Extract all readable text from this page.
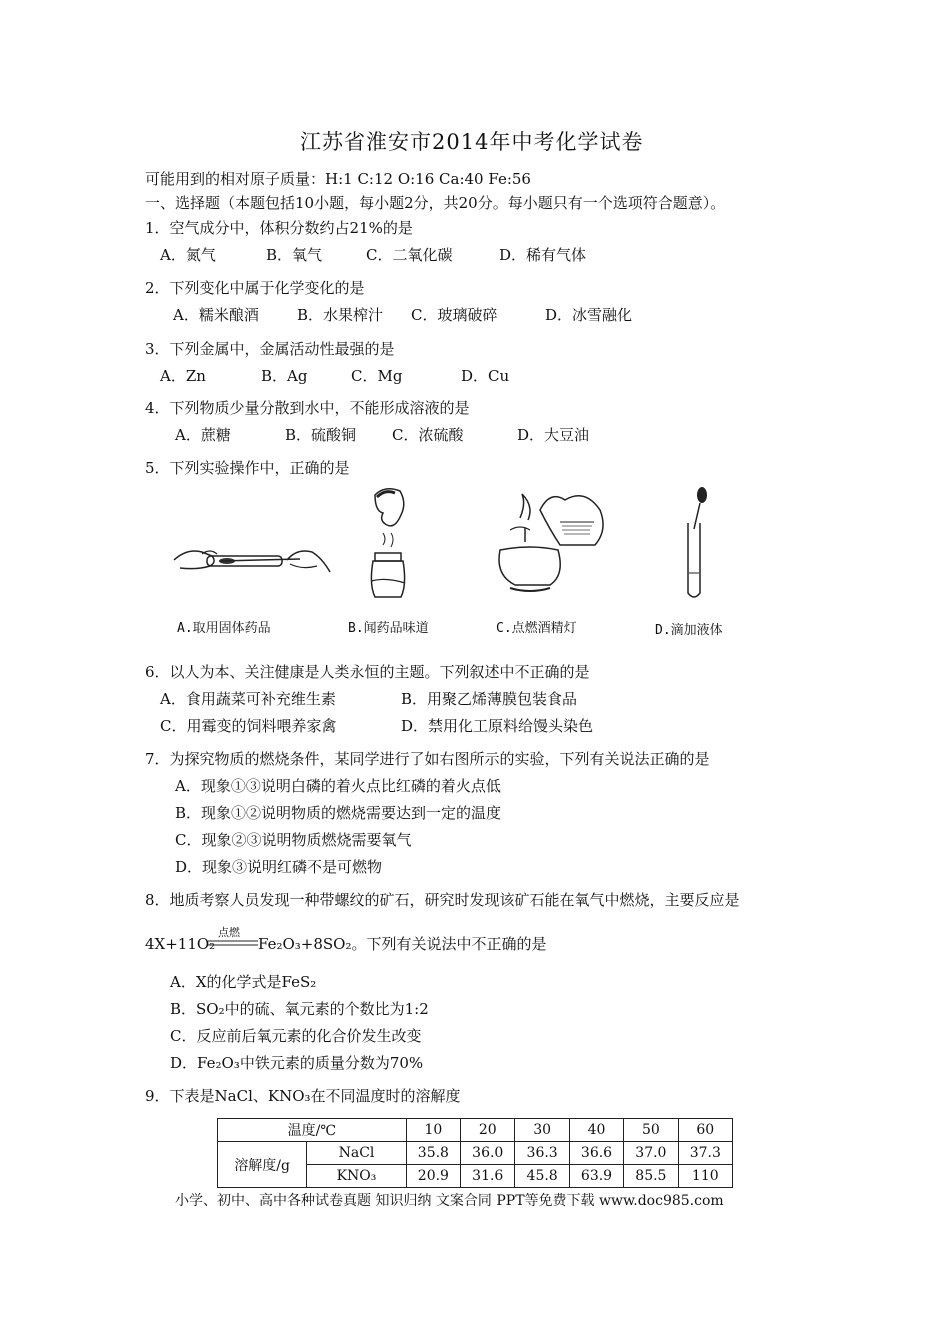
江苏省淮安市2014年中考化学试卷
可能用到的相对原子质量：H:1 C:12 O:16 Ca:40 Fe:56
一、选择题（本题包括10小题，每小题2分，共20分。每小题只有一个选项符合题意）。
1．空气成分中，体积分数约占21%的是
A．氮气	B．氧气	C．二氧化碳	D．稀有气体
2．下列变化中属于化学变化的是
A．糯米酿酒	B．水果榨汁 C．玻璃破碎	D．冰雪融化
3．下列金属中，金属活动性最强的是
A．Zn	B．Ag	C．Mg	D．Cu
4．下列物质少量分散到水中，不能形成溶液的是
A．蔗糖	B．硫酸铜 C．浓硫酸	D．大豆油
5．下列实验操作中，正确的是
A.取用固体药品	B.闻药品味道	C.点燃酒精灯	D.滴加液体
6．以人为本、关注健康是人类永恒的主题。下列叙述中不正确的是
A．食用蔬菜可补充维生素	B．用聚乙烯薄膜包装食品
C．用霉变的饲料喂养家禽	D．禁用化工原料给馒头染色
7．为探究物质的燃烧条件，某同学进行了如右图所示的实验，下列有关说法正确的是
A．现象①③说明白磷的着火点比红磷的着火点低
B．现象①②说明物质的燃烧需要达到一定的温度
C．现象②③说明物质燃烧需要氧气
D．现象③说明红磷不是可燃物
8．地质考察人员发现一种带螺纹的矿石，研究时发现该矿石能在氧气中燃烧，主要反应是
4X+11O₂
点燃
Fe₂O₃+8SO₂。下列有关说法中不正确的是
A．X的化学式是FeS₂
B．SO₂中的硫、氧元素的个数比为1:2
C．反应前后氧元素的化合价发生改变
D．Fe₂O₃中铁元素的质量分数为70%
9．下表是NaCl、KNO₃在不同温度时的溶解度
温度/℃		10	20	30	40	50	60
溶解度/g	NaCl	35.8	36.0	36.3	36.6	37.0	37.3
	KNO₃	20.9	31.6	45.8	63.9	85.5	110
小学、初中、高中各种试卷真题 知识归纳 文案合同 PPT等免费下载 www.doc985.com
